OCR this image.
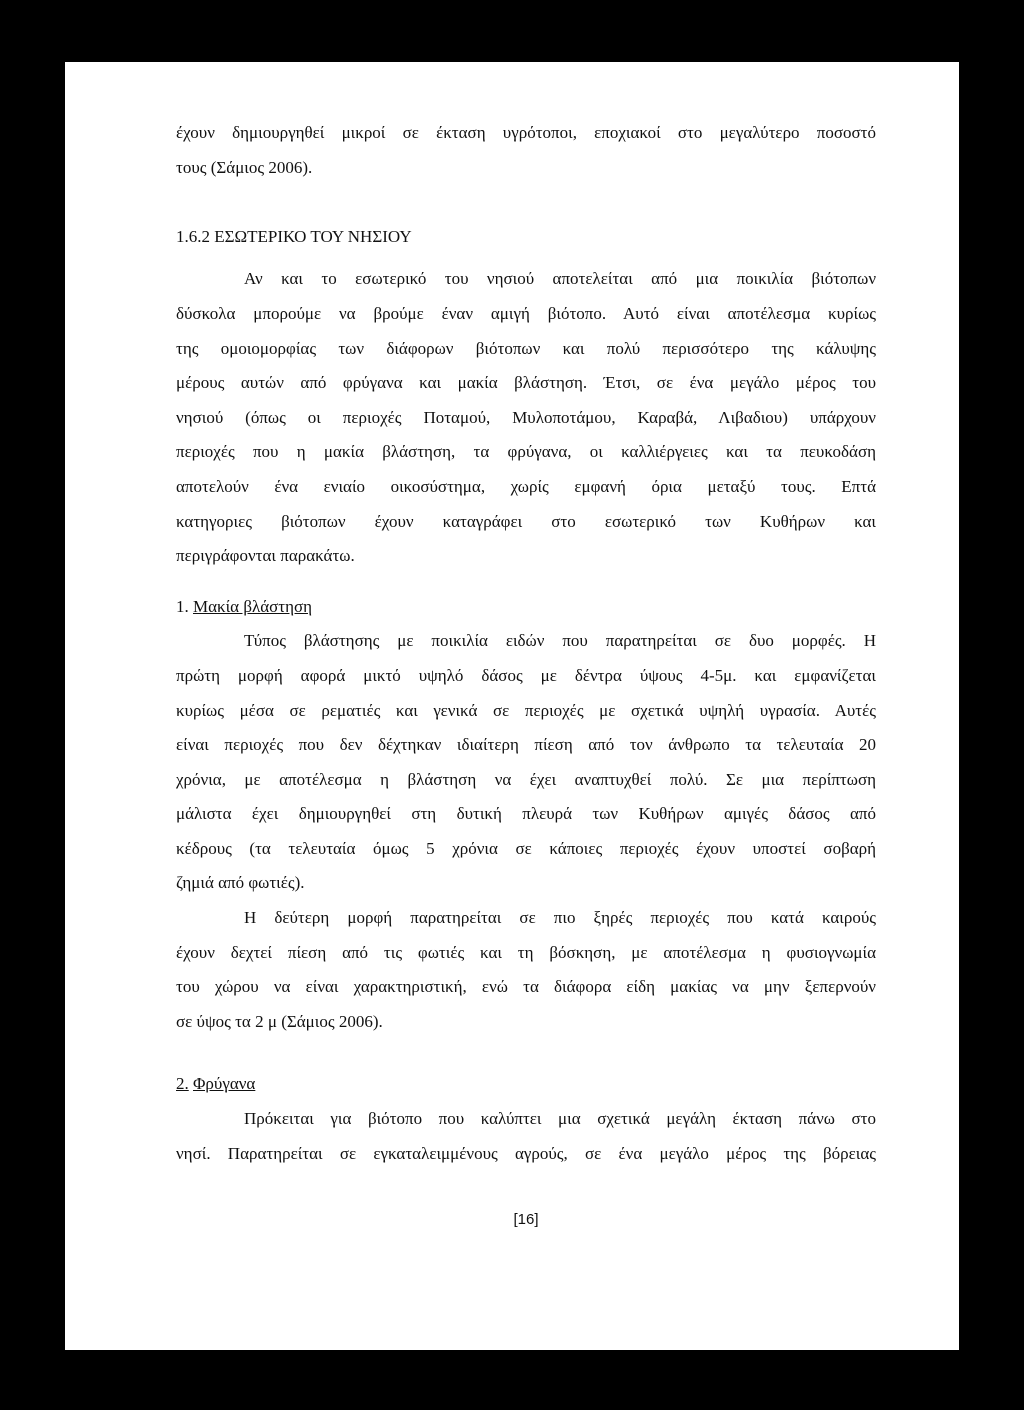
έχουν δημιουργηθεί μικροί σε έκταση υγρότοποι, εποχιακοί στο μεγαλύτερο ποσοστό
τους (Σάμιος 2006).
1.6.2 ΕΣΩΤΕΡΙΚΟ ΤΟΥ ΝΗΣΙΟΥ
Αν και το εσωτερικό του νησιού αποτελείται από μια ποικιλία βιότοπων
δύσκολα μπορούμε να βρούμε έναν αμιγή βιότοπο. Αυτό είναι αποτέλεσμα κυρίως
της ομοιομορφίας των διάφορων βιότοπων και πολύ περισσότερο της κάλυψης
μέρους αυτών από φρύγανα και μακία βλάστηση. Έτσι, σε ένα μεγάλο μέρος του
νησιού (όπως οι περιοχές Ποταμού, Μυλοποτάμου, Καραβά, Λιβαδιου) υπάρχουν
περιοχές που η μακία βλάστηση, τα φρύγανα, οι καλλιέργειες και τα πευκοδάση
αποτελούν ένα ενιαίο οικοσύστημα, χωρίς εμφανή όρια μεταξύ τους. Επτά
κατηγοριες βιότοπων έχουν καταγράφει στο εσωτερικό των Κυθήρων και
περιγράφονται παρακάτω.
1. Μακία βλάστηση
Τύπος βλάστησης με ποικιλία ειδών που παρατηρείται σε δυο μορφές. Η
πρώτη μορφή αφορά μικτό υψηλό δάσος με δέντρα ύψους 4-5μ. και εμφανίζεται
κυρίως μέσα σε ρεματιές και γενικά σε περιοχές με σχετικά υψηλή υγρασία. Αυτές
είναι περιοχές που δεν δέχτηκαν ιδιαίτερη πίεση από τον άνθρωπο τα τελευταία 20
χρόνια, με αποτέλεσμα η βλάστηση να έχει αναπτυχθεί πολύ. Σε μια περίπτωση
μάλιστα έχει δημιουργηθεί στη δυτική πλευρά των Κυθήρων αμιγές δάσος από
κέδρους (τα τελευταία όμως 5 χρόνια σε κάποιες περιοχές έχουν υποστεί σοβαρή
ζημιά από φωτιές).
Η δεύτερη μορφή παρατηρείται σε πιο ξηρές περιοχές που κατά καιρούς
έχουν δεχτεί πίεση από τις φωτιές και τη βόσκηση, με αποτέλεσμα η φυσιογνωμία
του χώρου να είναι χαρακτηριστική, ενώ τα διάφορα είδη μακίας να μην ξεπερνούν
σε ύψος τα 2 μ (Σάμιος 2006).
2. Φρύγανα
Πρόκειται για βιότοπο που καλύπτει μια σχετικά μεγάλη έκταση πάνω στο
νησί. Παρατηρείται σε εγκαταλειμμένους αγρούς, σε ένα μεγάλο μέρος της βόρειας
[16]
